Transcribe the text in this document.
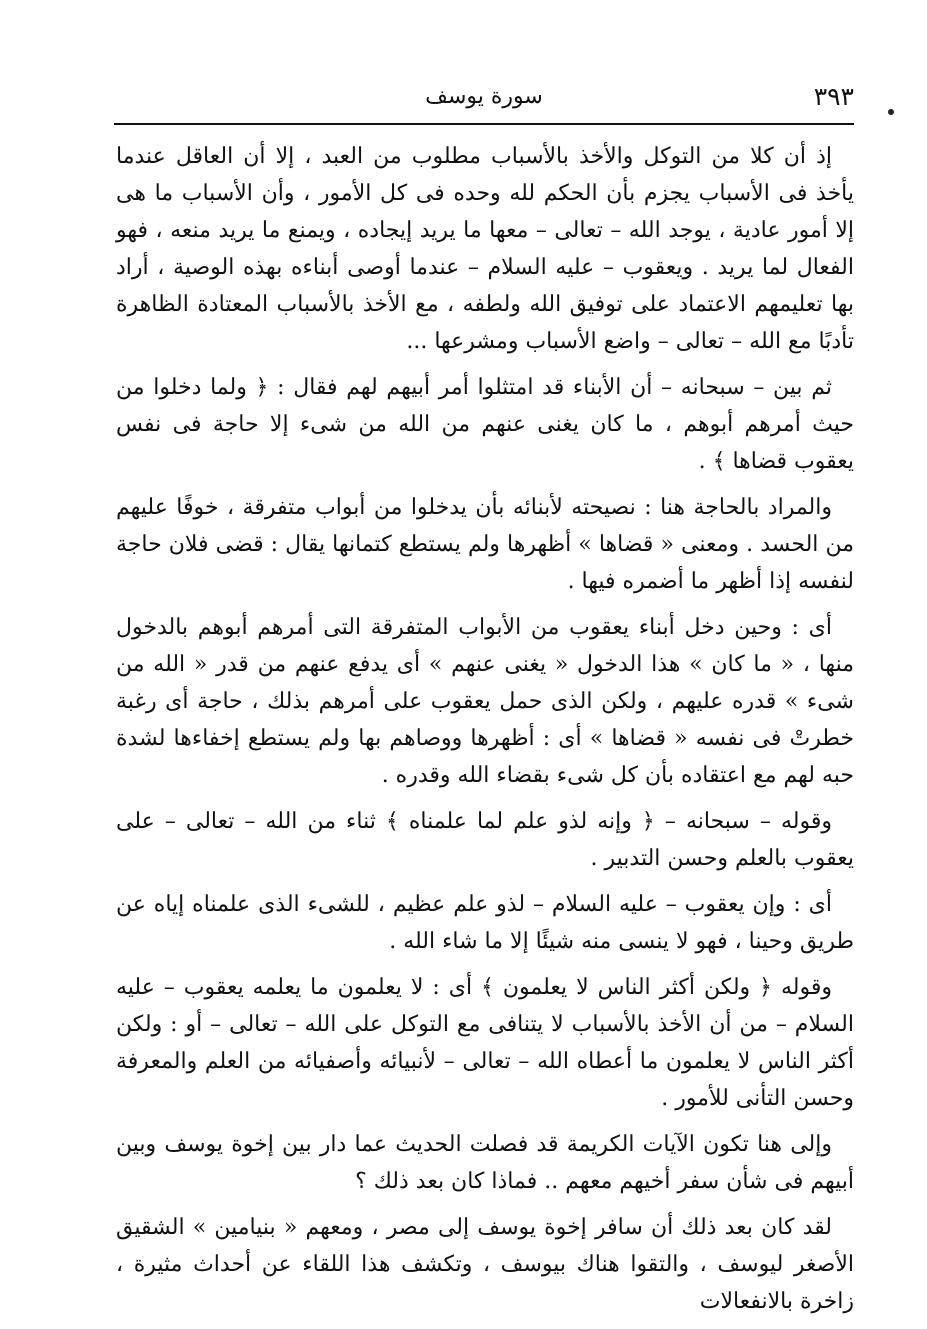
٣٩٣
سورة يوسف

إذ أن كلا من التوكل والأخذ بالأسباب مطلوب من العبد ، إلا أن العاقل عندما يأخذ فى الأسباب يجزم بأن الحكم لله وحده فى كل الأمور ، وأن الأسباب ما هى إلا أمور عادية ، يوجد الله – تعالى – معها ما يريد إيجاده ، ويمنع ما يريد منعه ، فهو الفعال لما يريد . ويعقوب – عليه السلام – عندما أوصى أبناءه بهذه الوصية ، أراد بها تعليمهم الاعتماد على توفيق الله ولطفه ، مع الأخذ بالأسباب المعتادة الظاهرة تأدبًا مع الله – تعالى – واضع الأسباب ومشرعها ...

ثم بين – سبحانه – أن الأبناء قد امتثلوا أمر أبيهم لهم فقال : ﴿ ولما دخلوا من حيث أمرهم أبوهم ، ما كان يغنى عنهم من الله من شىء إلا حاجة فى نفس يعقوب قضاها ﴾ .

والمراد بالحاجة هنا : نصيحته لأبنائه بأن يدخلوا من أبواب متفرقة ، خوفًا عليهم من الحسد . ومعنى « قضاها » أظهرها ولم يستطع كتمانها يقال : قضى فلان حاجة لنفسه إذا أظهر ما أضمره فيها .

أى : وحين دخل أبناء يعقوب من الأبواب المتفرقة التى أمرهم أبوهم بالدخول منها ، « ما كان » هذا الدخول « يغنى عنهم » أى يدفع عنهم من قدر « الله من شىء » قدره عليهم ، ولكن الذى حمل يعقوب على أمرهم بذلك ، حاجة أى رغبة خطرتْ فى نفسه « قضاها » أى : أظهرها ووصاهم بها ولم يستطع إخفاءها لشدة حبه لهم مع اعتقاده بأن كل شىء بقضاء الله وقدره .

وقوله – سبحانه – ﴿ وإنه لذو علم لما علمناه ﴾ ثناء من الله – تعالى – على يعقوب بالعلم وحسن التدبير .

أى : وإن يعقوب – عليه السلام – لذو علم عظيم ، للشىء الذى علمناه إياه عن طريق وحينا ، فهو لا ينسى منه شيئًا إلا ما شاء الله .

وقوله ﴿ ولكن أكثر الناس لا يعلمون ﴾ أى : لا يعلمون ما يعلمه يعقوب – عليه السلام – من أن الأخذ بالأسباب لا يتنافى مع التوكل على الله – تعالى – أو : ولكن أكثر الناس لا يعلمون ما أعطاه الله – تعالى – لأنبيائه وأصفيائه من العلم والمعرفة وحسن التأنى للأمور .

وإلى هنا تكون الآيات الكريمة قد فصلت الحديث عما دار بين إخوة يوسف وبين أبيهم فى شأن سفر أخيهم معهم .. فماذا كان بعد ذلك ؟

لقد كان بعد ذلك أن سافر إخوة يوسف إلى مصر ، ومعهم « بنيامين » الشقيق الأصغر ليوسف ، والتقوا هناك بيوسف ، وتكشف هذا اللقاء عن أحداث مثيرة ، زاخرة بالانفعالات
